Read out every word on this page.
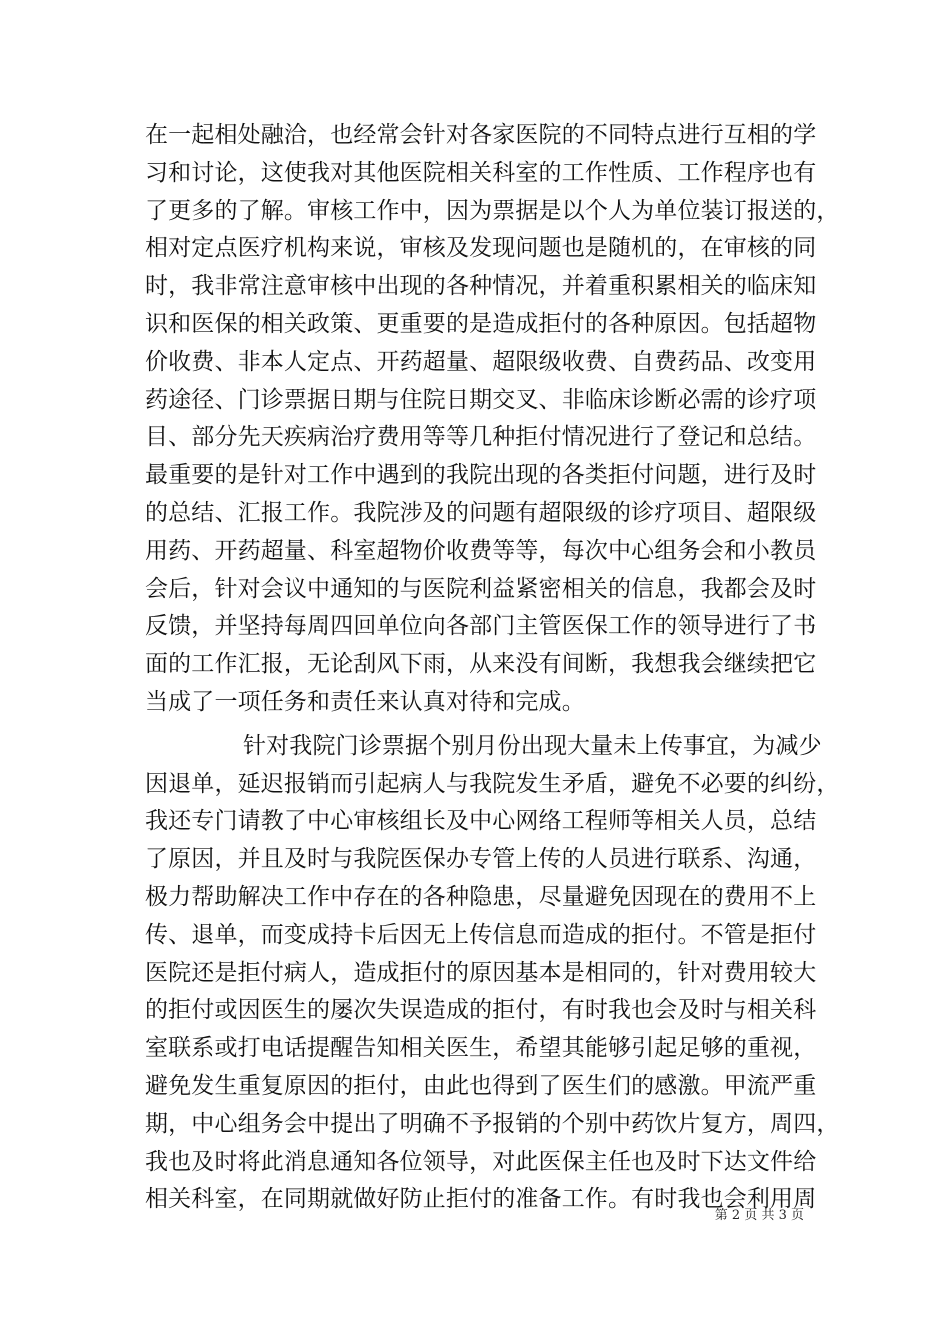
在一起相处融洽，也经常会针对各家医院的不同特点进行互相的学
习和讨论，这使我对其他医院相关科室的工作性质、工作程序也有
了更多的了解。审核工作中，因为票据是以个人为单位装订报送的，
相对定点医疗机构来说，审核及发现问题也是随机的，在审核的同
时，我非常注意审核中出现的各种情况，并着重积累相关的临床知
识和医保的相关政策、更重要的是造成拒付的各种原因。包括超物
价收费、非本人定点、开药超量、超限级收费、自费药品、改变用
药途径、门诊票据日期与住院日期交叉、非临床诊断必需的诊疗项
目、部分先天疾病治疗费用等等几种拒付情况进行了登记和总结。
最重要的是针对工作中遇到的我院出现的各类拒付问题，进行及时
的总结、汇报工作。我院涉及的问题有超限级的诊疗项目、超限级
用药、开药超量、科室超物价收费等等，每次中心组务会和小教员
会后，针对会议中通知的与医院利益紧密相关的信息，我都会及时
反馈，并坚持每周四回单位向各部门主管医保工作的领导进行了书
面的工作汇报，无论刮风下雨，从来没有间断，我想我会继续把它
当成了一项任务和责任来认真对待和完成。
针对我院门诊票据个别月份出现大量未上传事宜，为减少
因退单，延迟报销而引起病人与我院发生矛盾，避免不必要的纠纷，
我还专门请教了中心审核组长及中心网络工程师等相关人员，总结
了原因，并且及时与我院医保办专管上传的人员进行联系、沟通，
极力帮助解决工作中存在的各种隐患，尽量避免因现在的费用不上
传、退单，而变成持卡后因无上传信息而造成的拒付。不管是拒付
医院还是拒付病人，造成拒付的原因基本是相同的，针对费用较大
的拒付或因医生的屡次失误造成的拒付，有时我也会及时与相关科
室联系或打电话提醒告知相关医生，希望其能够引起足够的重视，
避免发生重复原因的拒付，由此也得到了医生们的感激。甲流严重
期，中心组务会中提出了明确不予报销的个别中药饮片复方，周四，
我也及时将此消息通知各位领导，对此医保主任也及时下达文件给
相关科室，在同期就做好防止拒付的准备工作。有时我也会利用周
第 2 页 共 3 页
